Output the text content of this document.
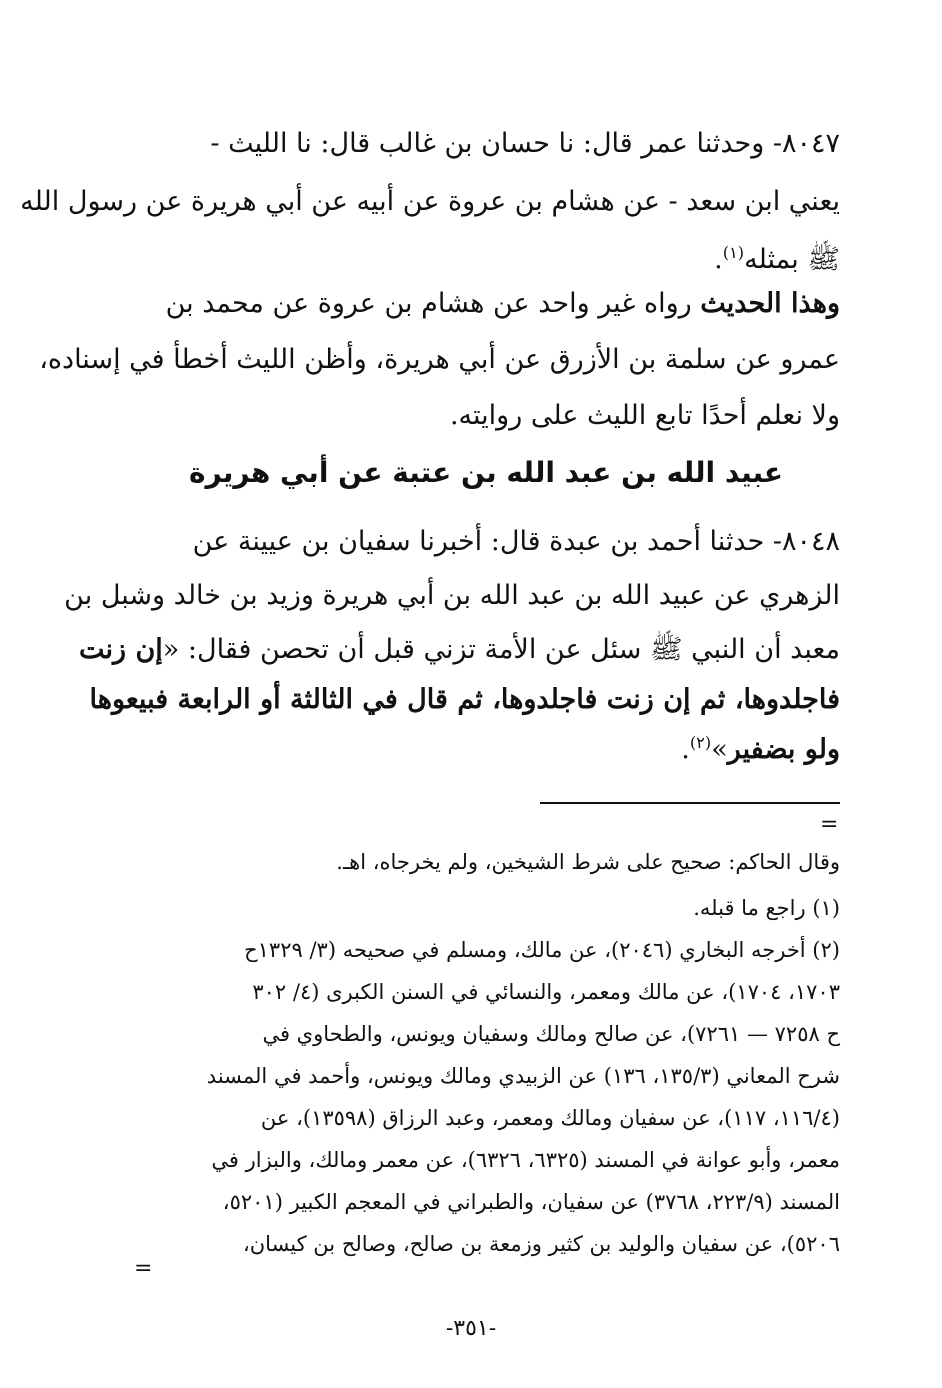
٨٠٤٧- وحدثنا عمر قال: نا حسان بن غالب قال: نا الليث -
يعني ابن سعد - عن هشام بن عروة عن أبيه عن أبي هريرة عن رسول الله
ﷺ بمثله$^{(١)}$.
وهذا الحديث رواه غير واحد عن هشام بن عروة عن محمد بن
عمرو عن سلمة بن الأزرق عن أبي هريرة، وأظن الليث أخطأ في إسناده،
ولا نعلم أحدًا تابع الليث على روايته.
عبيد الله بن عبد الله بن عتبة عن أبي هريرة
٨٠٤٨- حدثنا أحمد بن عبدة قال: أخبرنا سفيان بن عيينة عن
الزهري عن عبيد الله بن عبد الله بن أبي هريرة وزيد بن خالد وشبل بن
معبد أن النبي ﷺ سئل عن الأمة تزني قبل أن تحصن فقال: «إن زنت
فاجلدوها، ثم إن زنت فاجلدوها، ثم قال في الثالثة أو الرابعة فبيعوها
ولو بضفير»$^{(٢)}$.
=
وقال الحاكم: صحيح على شرط الشيخين، ولم يخرجاه، اهـ.
(١) راجع ما قبله.
(٢) أخرجه البخاري (٢٠٤٦)، عن مالك، ومسلم في صحيحه (٣/ ١٣٢٩ح
١٧٠٣، ١٧٠٤)، عن مالك ومعمر، والنسائي في السنن الكبرى (٤/ ٣٠٢
ح ٧٢٥٨ — ٧٢٦١)، عن صالح ومالك وسفيان ويونس، والطحاوي في
شرح المعاني (١٣٥/٣، ١٣٦) عن الزبيدي ومالك ويونس، وأحمد في المسند
(١١٦/٤، ١١٧)، عن سفيان ومالك ومعمر، وعبد الرزاق (١٣٥٩٨)، عن
معمر، وأبو عوانة في المسند (٦٣٢٥، ٦٣٢٦)، عن معمر ومالك، والبزار في
المسند (٢٢٣/٩، ٣٧٦٨) عن سفيان، والطبراني في المعجم الكبير (٥٢٠١،
٥٢٠٦)، عن سفيان والوليد بن كثير وزمعة بن صالح، وصالح بن كيسان،
=
-٣٥١-
